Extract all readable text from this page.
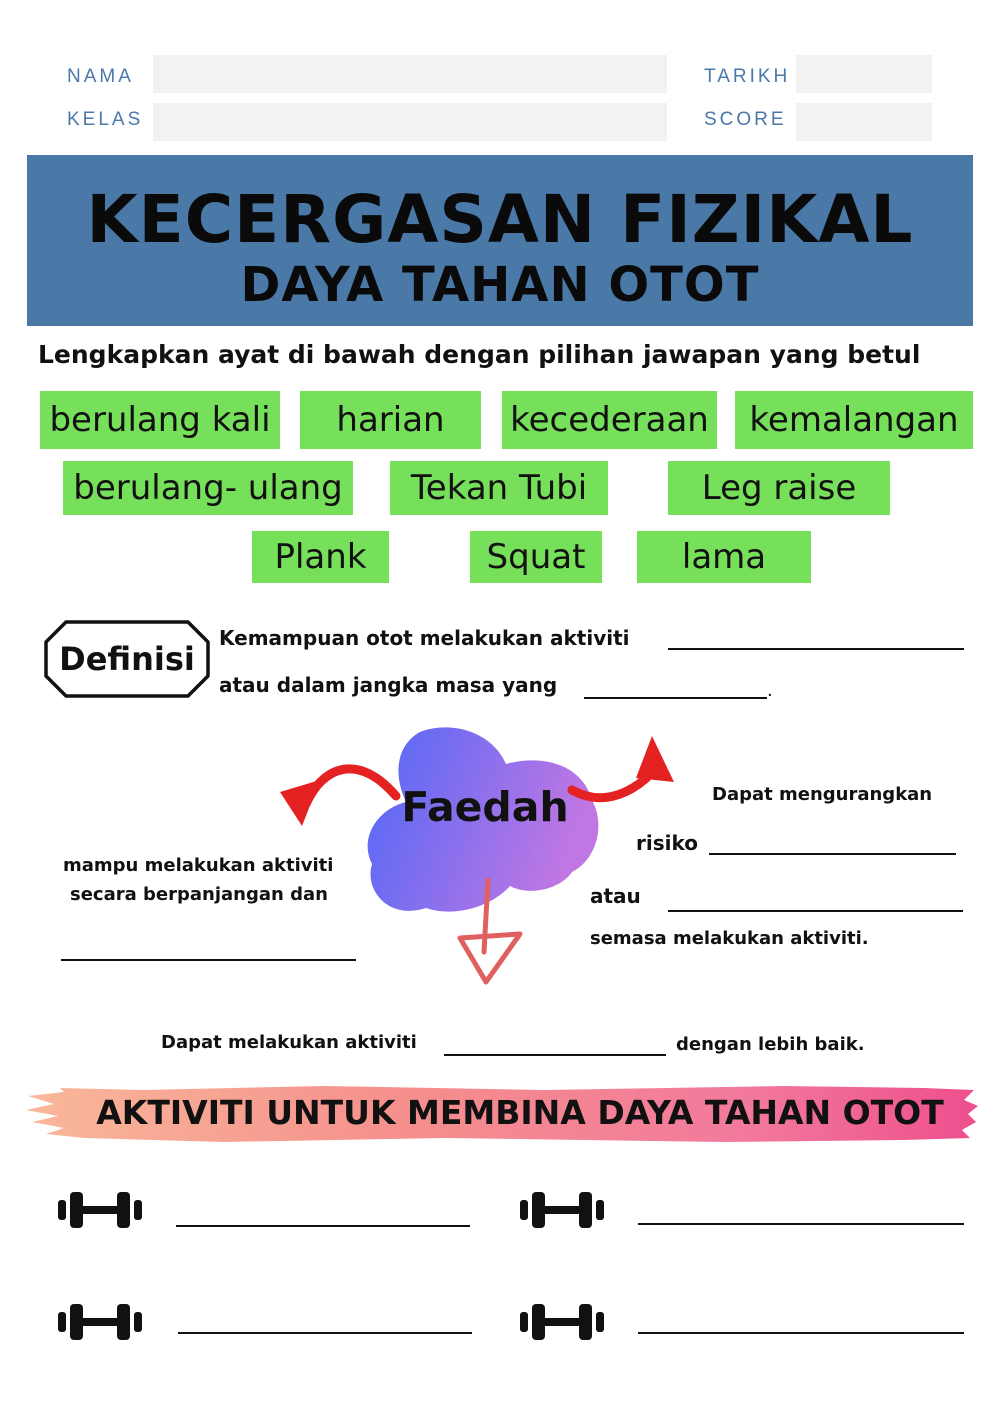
NAMA
KELAS
TARIKH
SCORE
KECERGASAN FIZIKAL
DAYA TAHAN OTOT
Lengkapkan ayat di bawah dengan pilihan jawapan yang betul
berulang kali	harian	kecederaan	kemalangan
berulang- ulang	Tekan Tubi	Leg raise
Plank	Squat	lama
Definisi
Kemampuan otot melakukan aktiviti
atau dalam jangka masa yang	.
Faedah
mampu melakukan aktiviti
secara berpanjangan dan
Dapat mengurangkan
risiko
atau
semasa melakukan aktiviti.
Dapat melakukan aktiviti	dengan lebih baik.
AKTIVITI UNTUK MEMBINA DAYA TAHAN OTOT
